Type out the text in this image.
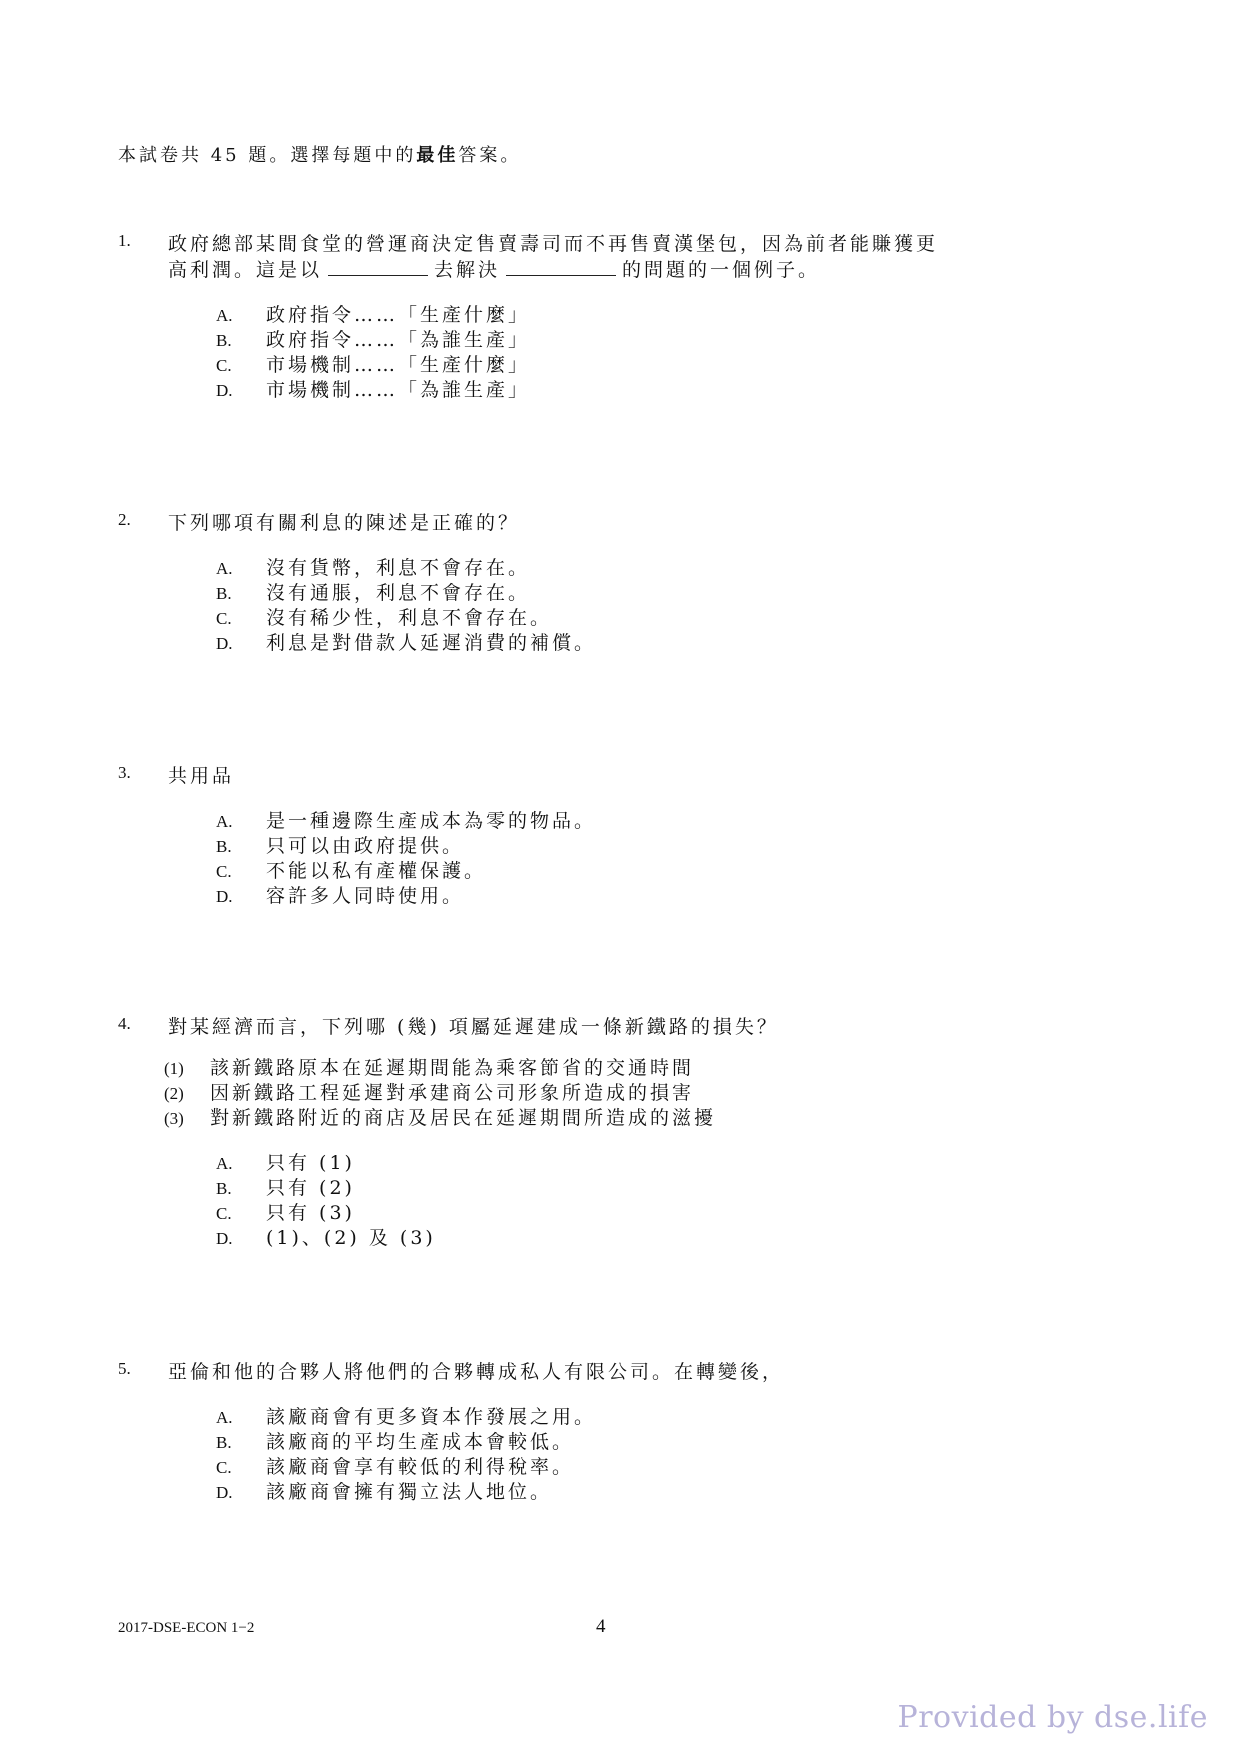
本試卷共 45 題。選擇每題中的最佳答案。
1. 政府總部某間食堂的營運商決定售賣壽司而不再售賣漢堡包，因為前者能賺獲更
高利潤。這是以	去解決	的問題的一個例子。
A.	政府指令……「生產什麼」
B.	政府指令……「為誰生產」
C.	市場機制……「生產什麼」
D.	市場機制……「為誰生產」
2. 下列哪項有關利息的陳述是正確的？
A.	沒有貨幣，利息不會存在。
B.	沒有通脹，利息不會存在。
C.	沒有稀少性，利息不會存在。
D.	利息是對借款人延遲消費的補償。
3. 共用品
A.	是一種邊際生產成本為零的物品。
B.	只可以由政府提供。
C.	不能以私有產權保護。
D.	容許多人同時使用。
4. 對某經濟而言，下列哪 (幾) 項屬延遲建成一條新鐵路的損失？
(1)	該新鐵路原本在延遲期間能為乘客節省的交通時間
(2)	因新鐵路工程延遲對承建商公司形象所造成的損害
(3)	對新鐵路附近的商店及居民在延遲期間所造成的滋擾
A.	只有 (1)
B.	只有 (2)
C.	只有 (3)
D.	(1)、(2) 及 (3)
5. 亞倫和他的合夥人將他們的合夥轉成私人有限公司。在轉變後，
A.	該廠商會有更多資本作發展之用。
B.	該廠商的平均生產成本會較低。
C.	該廠商會享有較低的利得稅率。
D.	該廠商會擁有獨立法人地位。
2017-DSE-ECON 1−2	4
Provided by dse.life
